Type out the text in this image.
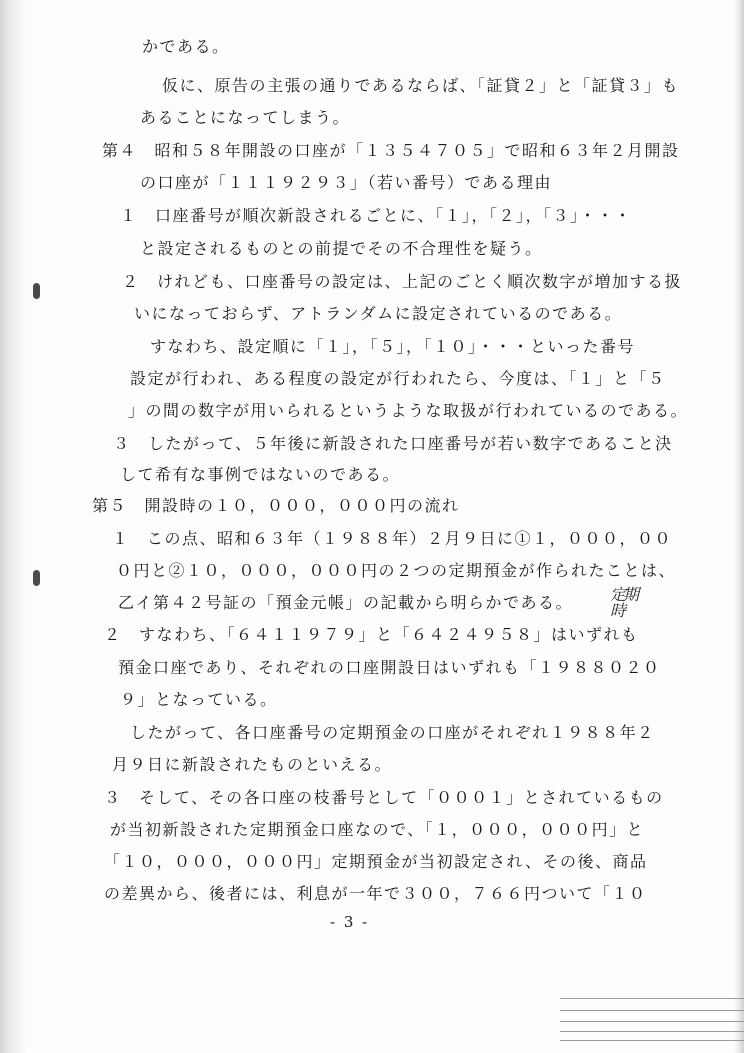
かである。
仮に、原告の主張の通りであるならば、「証貸２」と「証貸３」も
あることになってしまう。
第４　昭和５８年開設の口座が「１３５４７０５」で昭和６３年２月開設
の口座が「１１１９２９３」（若い番号）である理由
１　口座番号が順次新設されるごとに、「１」，「２」，「３」・・・
と設定されるものとの前提でその不合理性を疑う。
２　けれども、口座番号の設定は、上記のごとく順次数字が増加する扱
いになっておらず、アトランダムに設定されているのである。
すなわち、設定順に「１」，「５」，「１０」・・・といった番号
設定が行われ、ある程度の設定が行われたら、今度は、「１」と「５
」の間の数字が用いられるというような取扱が行われているのである。
３　したがって、５年後に新設された口座番号が若い数字であること決
して希有な事例ではないのである。
第５　開設時の１０，０００，０００円の流れ
１　この点、昭和６３年（１９８８年）２月９日に①１，０００，００
０円と②１０，０００，０００円の２つの定期預金が作られたことは、
乙イ第４２号証の「預金元帳」の記載から明らかである。
２　すなわち、「６４１１９７９」と「６４２４９５８」はいずれも
預金口座であり、それぞれの口座開設日はいずれも「１９８８０２０
９」となっている。
したがって、各口座番号の定期預金の口座がそれぞれ１９８８年２
月９日に新設されたものといえる。
３　そして、その各口座の枝番号として「０００１」とされているもの
が当初新設された定期預金口座なので、「１，０００，０００円」と
「１０，０００，０００円」定期預金が当初設定され、その後、商品
の差異から、後者には、利息が一年で３００，７６６円ついて「１０
定期
時
- 3 -
